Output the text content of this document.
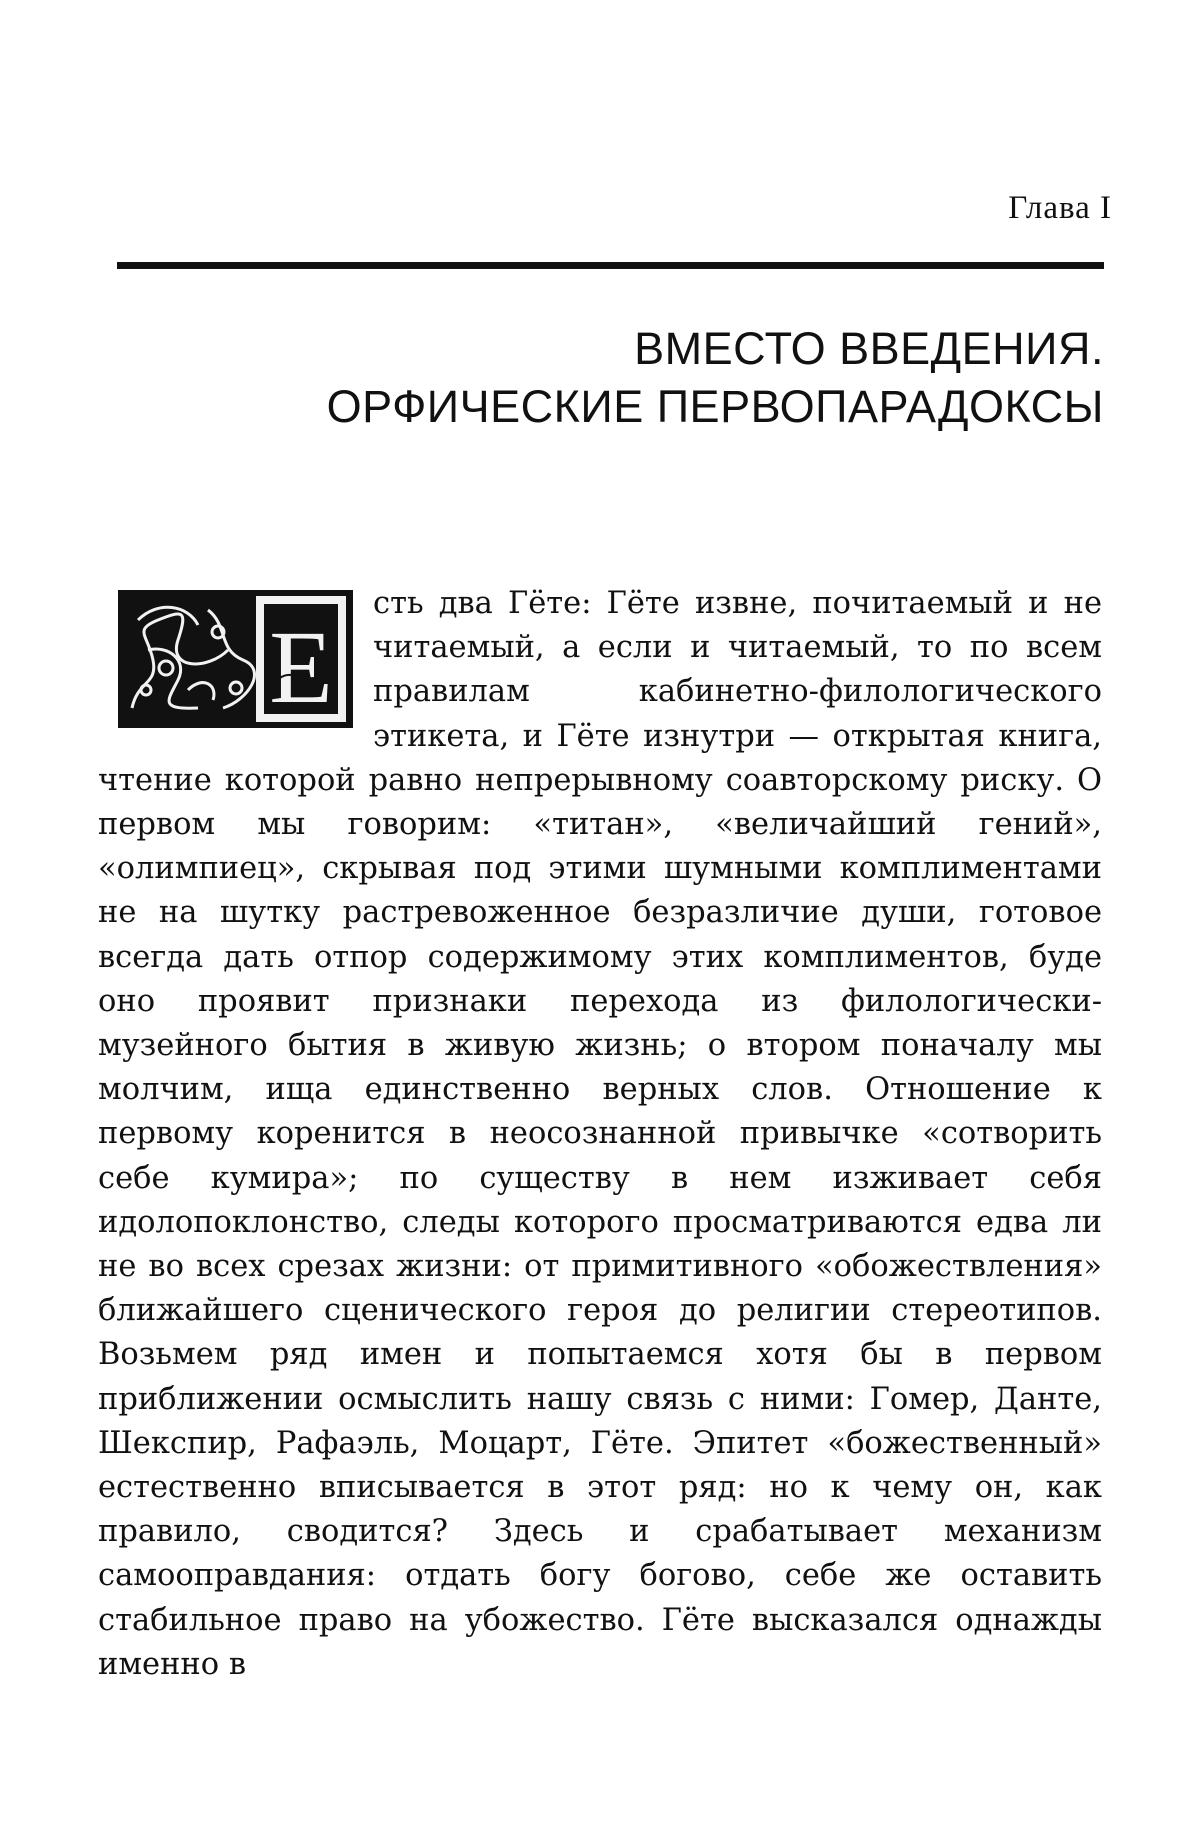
Глава I
ВМЕСТО ВВЕДЕНИЯ.
ОРФИЧЕСКИЕ ПЕРВОПАРАДОКСЫ
Е
сть два Гёте: Гёте извне, почитаемый и не читаемый, а если и читаемый, то по всем правилам кабинетно-филологического этикета, и Гёте изнутри — открытая книга, чтение которой равно непрерывному соавторскому риску. О первом мы говорим: «титан», «величайший гений», «олимпиец», скрывая под этими шумными комплиментами не на шутку растревоженное безразличие души, готовое всегда дать отпор содержимому этих комплиментов, буде оно проявит признаки перехода из филологически-музейного бытия в живую жизнь; о втором поначалу мы молчим, ища единственно верных слов. Отношение к первому коренится в неосознанной привычке «сотворить себе кумира»; по существу в нем изживает себя идолопоклонство, следы которого просматриваются едва ли не во всех срезах жизни: от примитивного «обожествления» ближайшего сценического героя до религии стереотипов. Возьмем ряд имен и попытаемся хотя бы в первом приближении осмыслить нашу связь с ними: Гомер, Данте, Шекспир, Рафаэль, Моцарт, Гёте. Эпитет «божественный» естественно вписывается в этот ряд: но к чему он, как правило, сводится? Здесь и срабатывает механизм самооправдания: отдать богу богово, себе же оставить стабильное право на убожество. Гёте высказался однажды именно в
